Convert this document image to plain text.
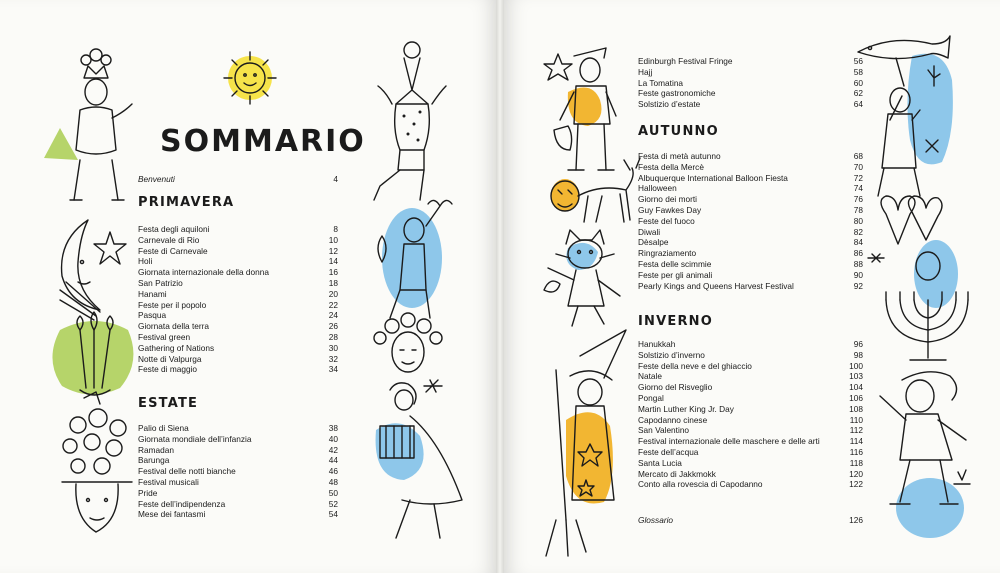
SOMMARIO
Benvenuti	4
PRIMAVERA
Festa degli aquiloni	8
Carnevale di Rio	10
Feste di Carnevale	12
Holi	14
Giornata internazionale della donna	16
San Patrizio	18
Hanami	20
Feste per il popolo	22
Pasqua	24
Giornata della terra	26
Festival green	28
Gathering of Nations	30
Notte di Valpurga	32
Feste di maggio	34
ESTATE
Palio di Siena	38
Giornata mondiale dell’infanzia	40
Ramadan	42
Barunga	44
Festival delle notti bianche	46
Festival musicali	48
Pride	50
Feste dell’indipendenza	52
Mese dei fantasmi	54
Edinburgh Festival Fringe	56
Hajj	58
La Tomatina	60
Feste gastronomiche	62
Solstizio d’estate	64
AUTUNNO
Festa di metà autunno	68
Festa della Mercè	70
Albuquerque International Balloon Fiesta	72
Halloween	74
Giorno dei morti	76
Guy Fawkes Day	78
Feste del fuoco	80
Diwali	82
Dèsalpe	84
Ringraziamento	86
Festa delle scimmie	88
Feste per gli animali	90
Pearly Kings and Queens Harvest Festival	92
INVERNO
Hanukkah	96
Solstizio d’inverno	98
Feste della neve e del ghiaccio	100
Natale	103
Giorno del Risveglio	104
Pongal	106
Martin Luther King Jr. Day	108
Capodanno cinese	110
San Valentino	112
Festival internazionale delle maschere e delle arti	114
Feste dell’acqua	116
Santa Lucia	118
Mercato di Jakkmokk	120
Conto alla rovescia di Capodanno	122
Glossario	126
